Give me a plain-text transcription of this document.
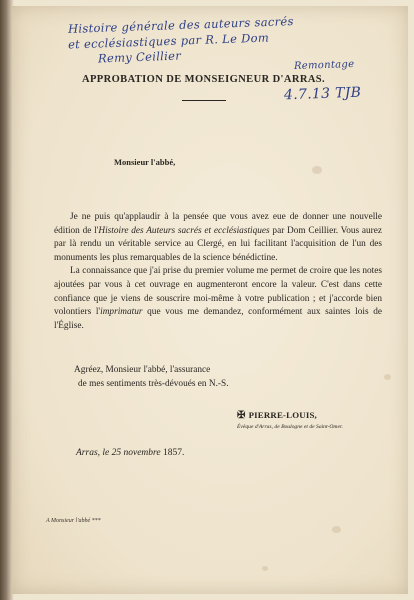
Histoire générale des auteurs sacrés
et ecclésiastiques par R. Le Dom
Remy Ceillier
Remontage
4.7.13 TJB
APPROBATION DE MONSEIGNEUR D'ARRAS.
Monsieur l'abbé,

Je ne puis qu'applaudir à la pensée que vous avez eue de donner une nouvelle édition de l'Histoire des Auteurs sacrés et ecclésiastiques par Dom Ceillier. Vous aurez par là rendu un véritable service au Clergé, en lui facilitant l'acquisition de l'un des monuments les plus remarquables de la science bénédictine.

La connaissance que j'ai prise du premier volume me permet de croire que les notes ajoutées par vous à cet ouvrage en augmenteront encore la valeur. C'est dans cette confiance que je viens de souscrire moi-même à votre publication ; et j'accorde bien volontiers l'imprimatur que vous me demandez, conformément aux saintes lois de l'Église.

Agréez, Monsieur l'abbé, l'assurance
de mes sentiments très-dévoués en N.-S.
✠ PIERRE-LOUIS,
Évêque d'Arras, de Boulogne et de Saint-Omer.
Arras, le 25 novembre 1857.
A Monsieur l'abbé ***
